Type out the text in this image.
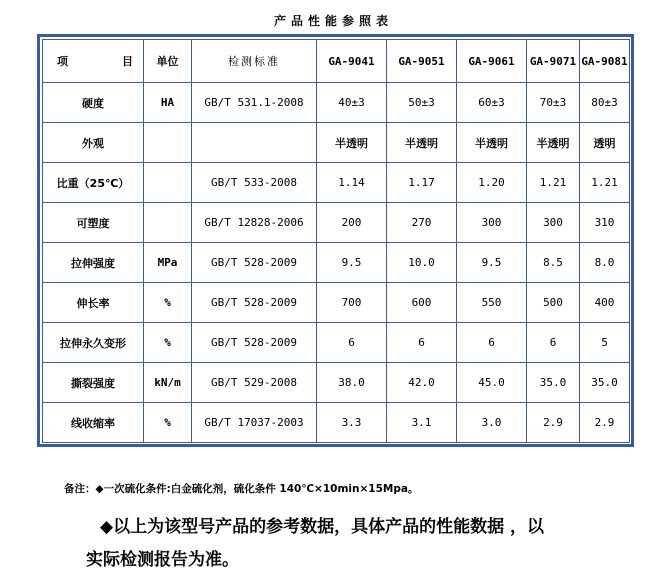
产品性能参照表
项 目	单位	检测标准	GA-9041	GA-9051	GA-9061	GA-9071	GA-9081
硬度	HA	GB/T 531.1-2008	40±3	50±3	60±3	70±3	80±3
外观			半透明	半透明	半透明	半透明	透明
比重（25℃）		GB/T 533-2008	1.14	1.17	1.20	1.21	1.21
可塑度		GB/T 12828-2006	200	270	300	300	310
拉伸强度	MPa	GB/T 528-2009	9.5	10.0	9.5	8.5	8.0
伸长率	%	GB/T 528-2009	700	600	550	500	400
拉伸永久变形	%	GB/T 528-2009	6	6	6	6	5
撕裂强度	kN/m	GB/T 529-2008	38.0	42.0	45.0	35.0	35.0
线收缩率	%	GB/T 17037-2003	3.3	3.1	3.0	2.9	2.9
备注：◆一次硫化条件:白金硫化剂，硫化条件 140℃×10min×15Mpa。
◆以上为该型号产品的参考数据，具体产品的性能数据 ，以
实际检测报告为准。
